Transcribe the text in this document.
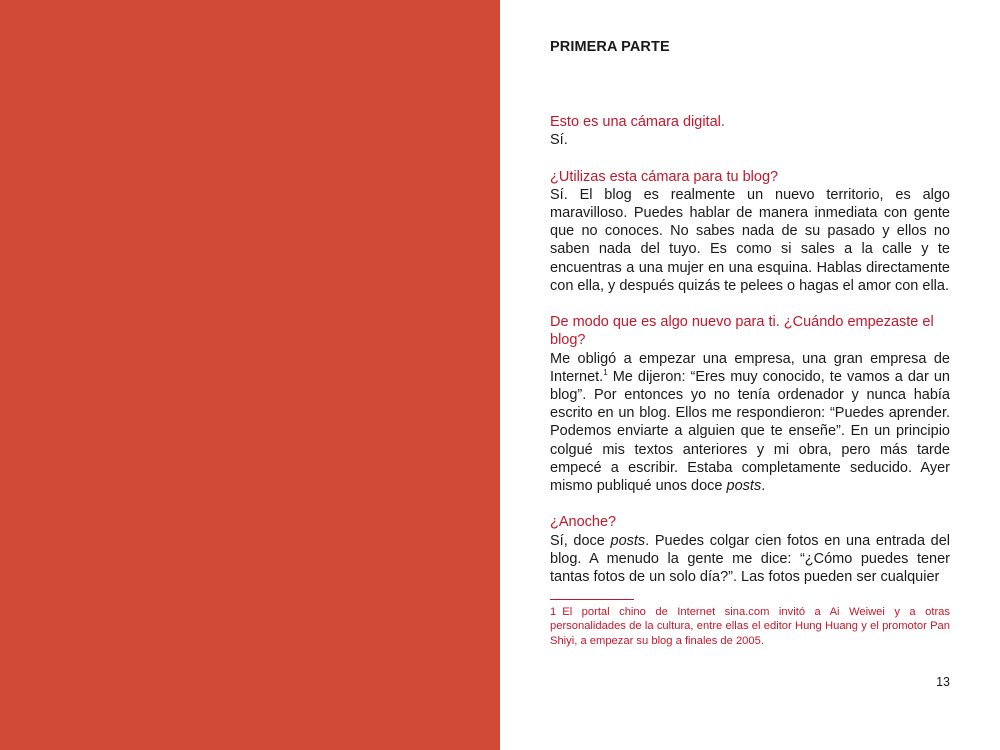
PRIMERA PARTE

Esto es una cámara digital.

Sí.

¿Utilizas esta cámara para tu blog?

Sí. El blog es realmente un nuevo territorio, es algo maravilloso. Puedes hablar de manera inmediata con gente que no conoces. No sabes nada de su pasado y ellos no saben nada del tuyo. Es como si sales a la calle y te encuentras a una mujer en una esquina. Hablas directamente con ella, y después quizás te pelees o hagas el amor con ella.

De modo que es algo nuevo para ti. ¿Cuándo empezaste el blog?

Me obligó a empezar una empresa, una gran empresa de Internet.$^1$ Me dijeron: “Eres muy conocido, te vamos a dar un blog”. Por entonces yo no tenía ordenador y nunca había escrito en un blog. Ellos me respondieron: “Puedes aprender. Podemos enviarte a alguien que te enseñe”. En un principio colgué mis textos anteriores y mi obra, pero más tarde empecé a escribir. Estaba completamente seducido. Ayer mismo publiqué unos doce posts.

¿Anoche?

Sí, doce posts. Puedes colgar cien fotos en una entrada del blog. A menudo la gente me dice: “¿Cómo puedes tener tantas fotos de un solo día?”. Las fotos pueden ser cualquier

1 El portal chino de Internet sina.com invitó a Ai Weiwei y a otras personalidades de la cultura, entre ellas el editor Hung Huang y el promotor Pan Shiyi, a empezar su blog a finales de 2005.
13
